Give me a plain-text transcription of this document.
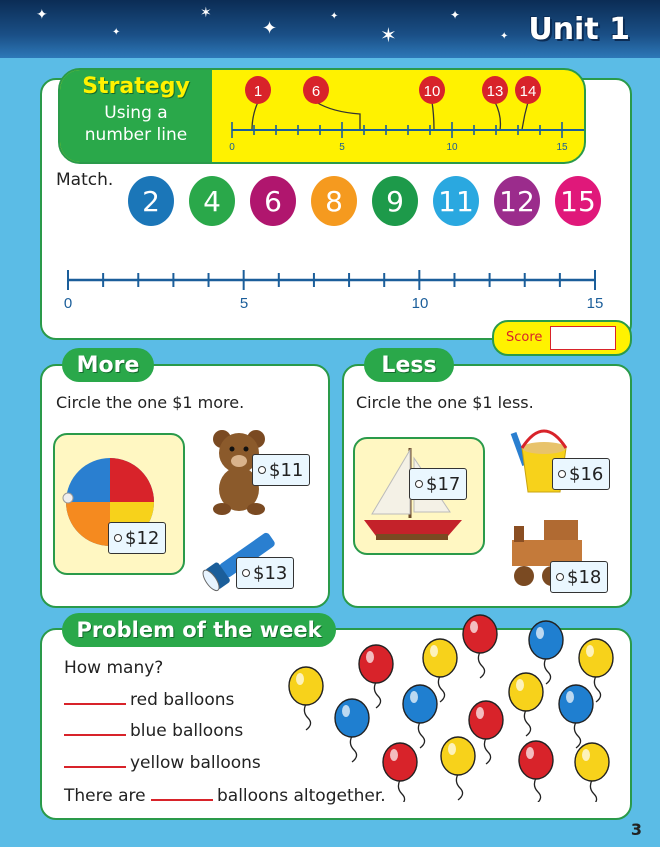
✦
✦
✶
✦
✦
✶
✦
✦ Unit 1
Strategy
Using a
number line
1	6	10	13 14
0	5	10	15
Match.
2	4	6	8	9	11 12 15
0	5	10	15
Score
More
Circle the one $1 more.
$12
$11
$13
Less
Circle the one $1 less.
$17	$16
$18
Problem of the week
How many?
red balloons
blue balloons
yellow balloons
There are	balloons altogether.
3
